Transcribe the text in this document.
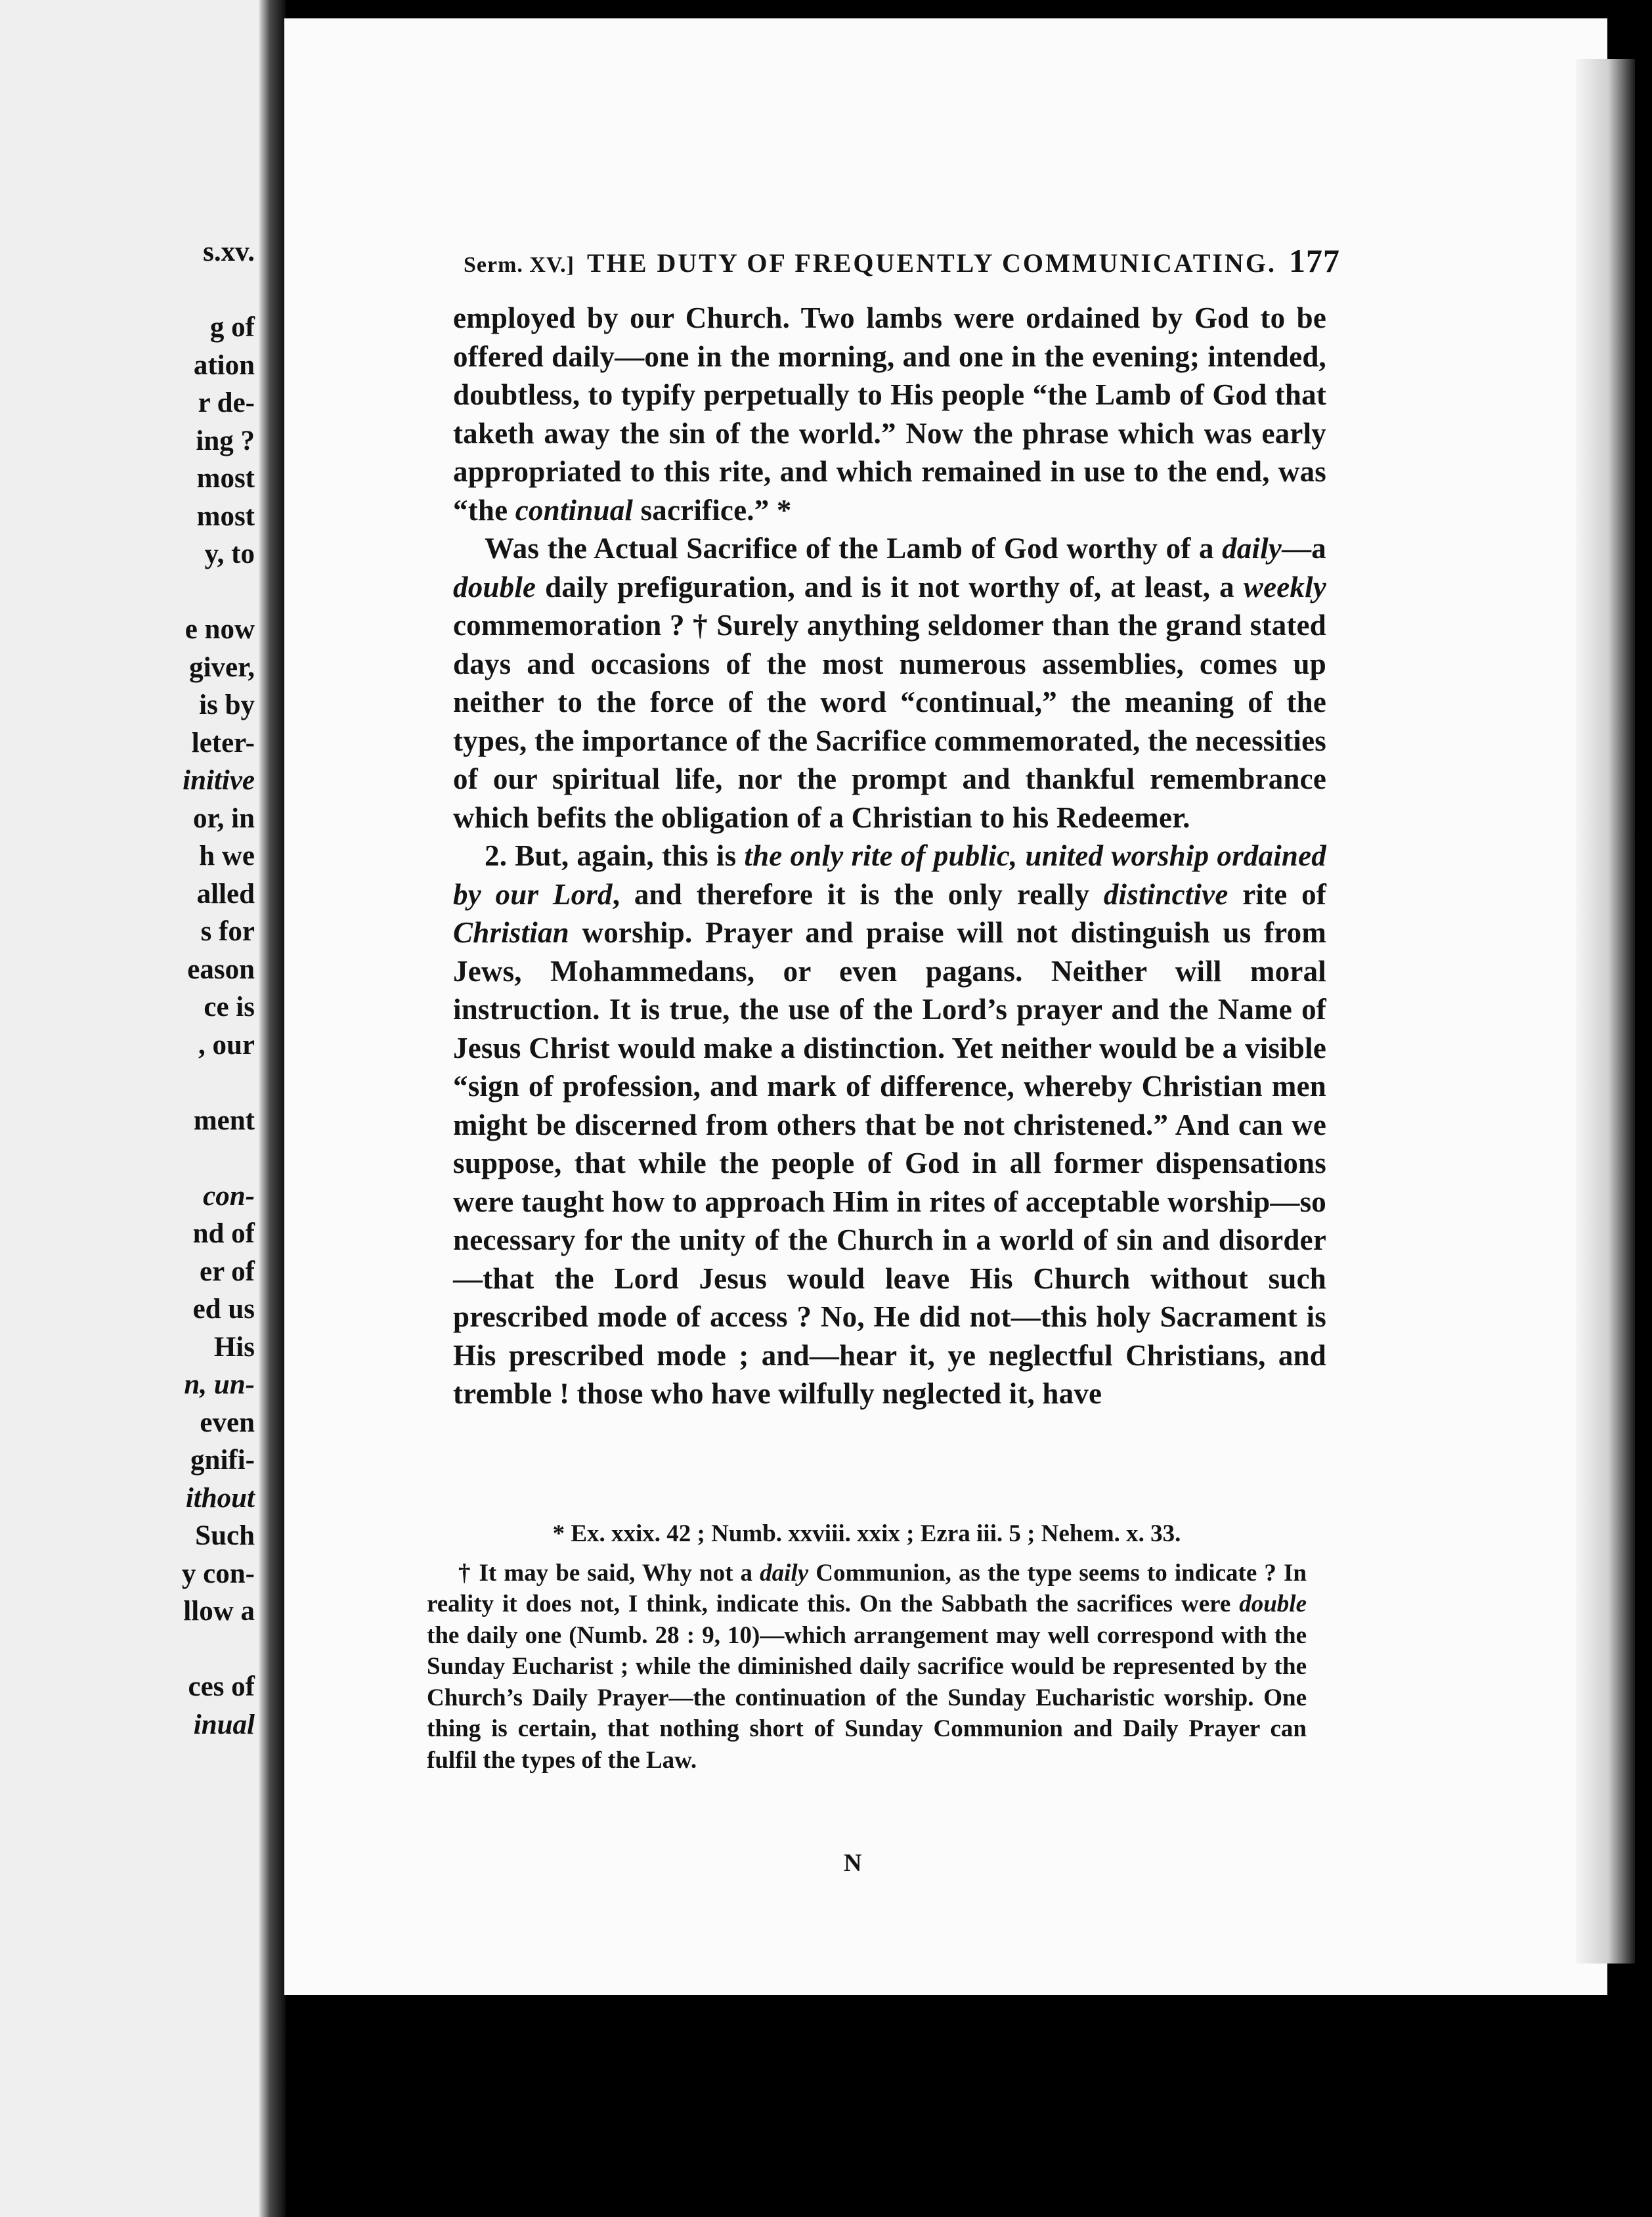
s.xv.
g of
ation
r de-
ing ?
most
most
y, to
e now
giver,
is by
leter-
initive
or, in
h we
alled
s for
eason
ce is
, our
ment
con-
nd of
er of
ed us
His
n, un-
even
gnifi-
ithout
Such
y con-
llow a
ces of
inual
Serm. XV.] THE DUTY OF FREQUENTLY COMMUNICATING. 177

employed by our Church. Two lambs were ordained by God to be offered daily—one in the morning, and one in the evening; intended, doubtless, to typify perpetually to His people “the Lamb of God that taketh away the sin of the world.” Now the phrase which was early appropriated to this rite, and which remained in use to the end, was “the continual sacrifice.” *

Was the Actual Sacrifice of the Lamb of God worthy of a daily—a double daily prefiguration, and is it not worthy of, at least, a weekly commemoration ? † Surely anything seldomer than the grand stated days and occasions of the most numerous assemblies, comes up neither to the force of the word “continual,” the meaning of the types, the importance of the Sacrifice commemorated, the necessities of our spiritual life, nor the prompt and thankful remembrance which befits the obligation of a Christian to his Redeemer.

2. But, again, this is the only rite of public, united worship ordained by our Lord, and therefore it is the only really distinctive rite of Christian worship. Prayer and praise will not distinguish us from Jews, Mohammedans, or even pagans. Neither will moral instruction. It is true, the use of the Lord’s prayer and the Name of Jesus Christ would make a distinction. Yet neither would be a visible “sign of profession, and mark of difference, whereby Christian men might be discerned from others that be not christened.” And can we suppose, that while the people of God in all former dispensations were taught how to approach Him in rites of acceptable worship—so necessary for the unity of the Church in a world of sin and disorder—that the Lord Jesus would leave His Church without such prescribed mode of access ? No, He did not—this holy Sacrament is His prescribed mode ; and—hear it, ye neglectful Christians, and tremble ! those who have wilfully neglected it, have

* Ex. xxix. 42 ; Numb. xxviii. xxix ; Ezra iii. 5 ; Nehem. x. 33.

† It may be said, Why not a daily Communion, as the type seems to indicate ? In reality it does not, I think, indicate this. On the Sabbath the sacrifices were double the daily one (Numb. 28 : 9, 10)—which arrangement may well correspond with the Sunday Eucharist ; while the diminished daily sacrifice would be represented by the Church’s Daily Prayer—the continuation of the Sunday Eucharistic worship. One thing is certain, that nothing short of Sunday Communion and Daily Prayer can fulfil the types of the Law.

N
